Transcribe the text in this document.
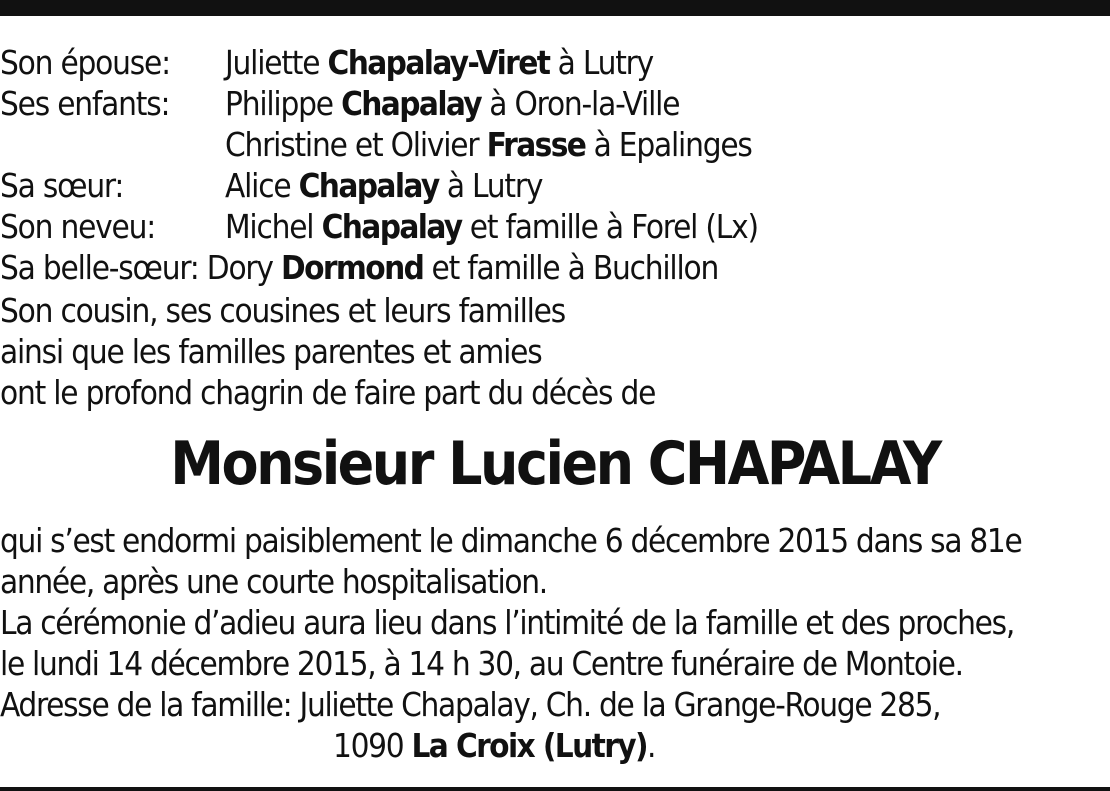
Son épouse: Juliette Chapalay-Viret à Lutry
Ses enfants: Philippe Chapalay à Oron-la-Ville
Christine et Olivier Frasse à Epalinges
Sa sœur:	Alice Chapalay à Lutry
Son neveu: Michel Chapalay et famille à Forel (Lx)
Sa belle-sœur: Dory Dormond et famille à Buchillon
Son cousin, ses cousines et leurs familles
ainsi que les familles parentes et amies
ont le profond chagrin de faire part du décès de
Monsieur Lucien CHAPALAY
qui s’est endormi paisiblement le dimanche 6 décembre 2015 dans sa 81e
année, après une courte hospitalisation.
La cérémonie d’adieu aura lieu dans l’intimité de la famille et des proches,
le lundi 14 décembre 2015, à 14 h 30, au Centre funéraire de Montoie.
Adresse de la famille: Juliette Chapalay, Ch. de la Grange-Rouge 285,
1090 La Croix (Lutry).
